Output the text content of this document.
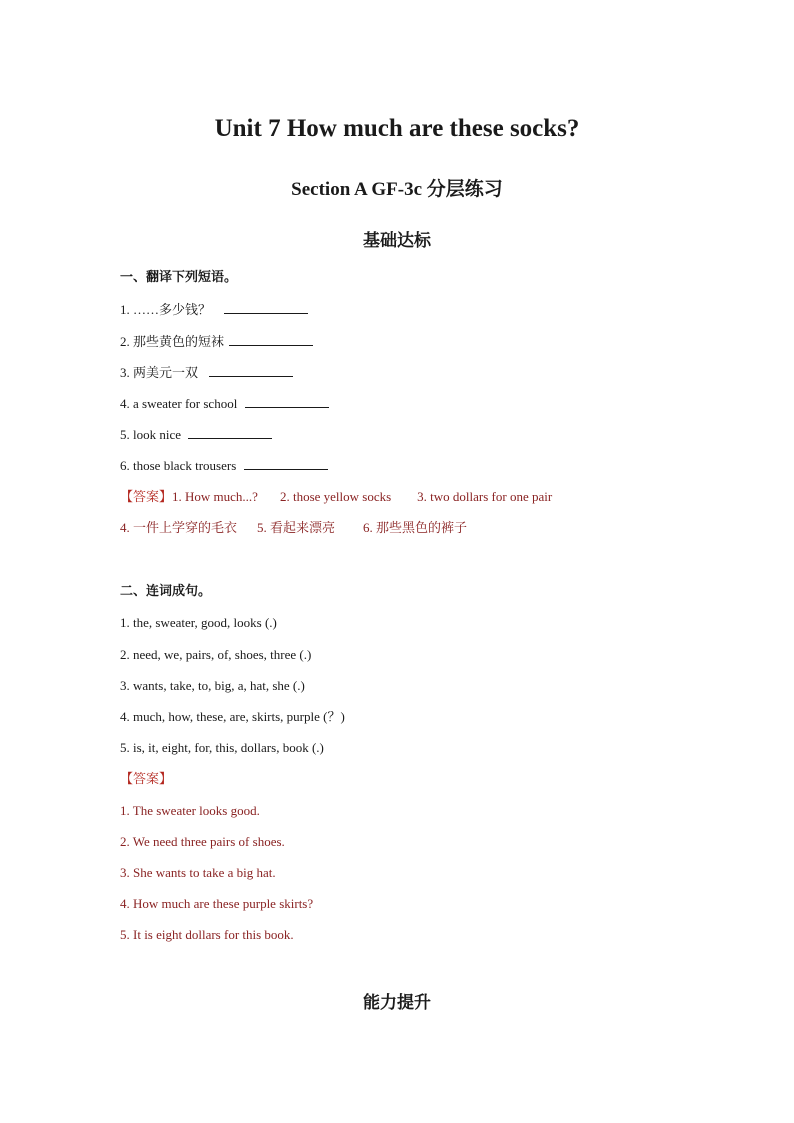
Unit 7 How much are these socks?
Section A GF-3c 分层练习
基础达标
一、翻译下列短语。
1. ……多少钱？
2. 那些黄色的短袜
3. 两美元一双
4. a sweater for school
5. look nice
6. those black trousers
【答案】1. How much...? 2. those yellow socks 3. two dollars for one pair
4. 一件上学穿的毛衣 5. 看起来漂亮 6. 那些黑色的裤子
二、连词成句。
1. the, sweater, good, looks (.)
2. need, we, pairs, of, shoes, three (.)
3. wants, take, to, big, a, hat, she (.)
4. much, how, these, are, skirts, purple (？)
5. is, it, eight, for, this, dollars, book (.)
【答案】
1. The sweater looks good.
2. We need three pairs of shoes.
3. She wants to take a big hat.
4. How much are these purple skirts?
5. It is eight dollars for this book.
能力提升
